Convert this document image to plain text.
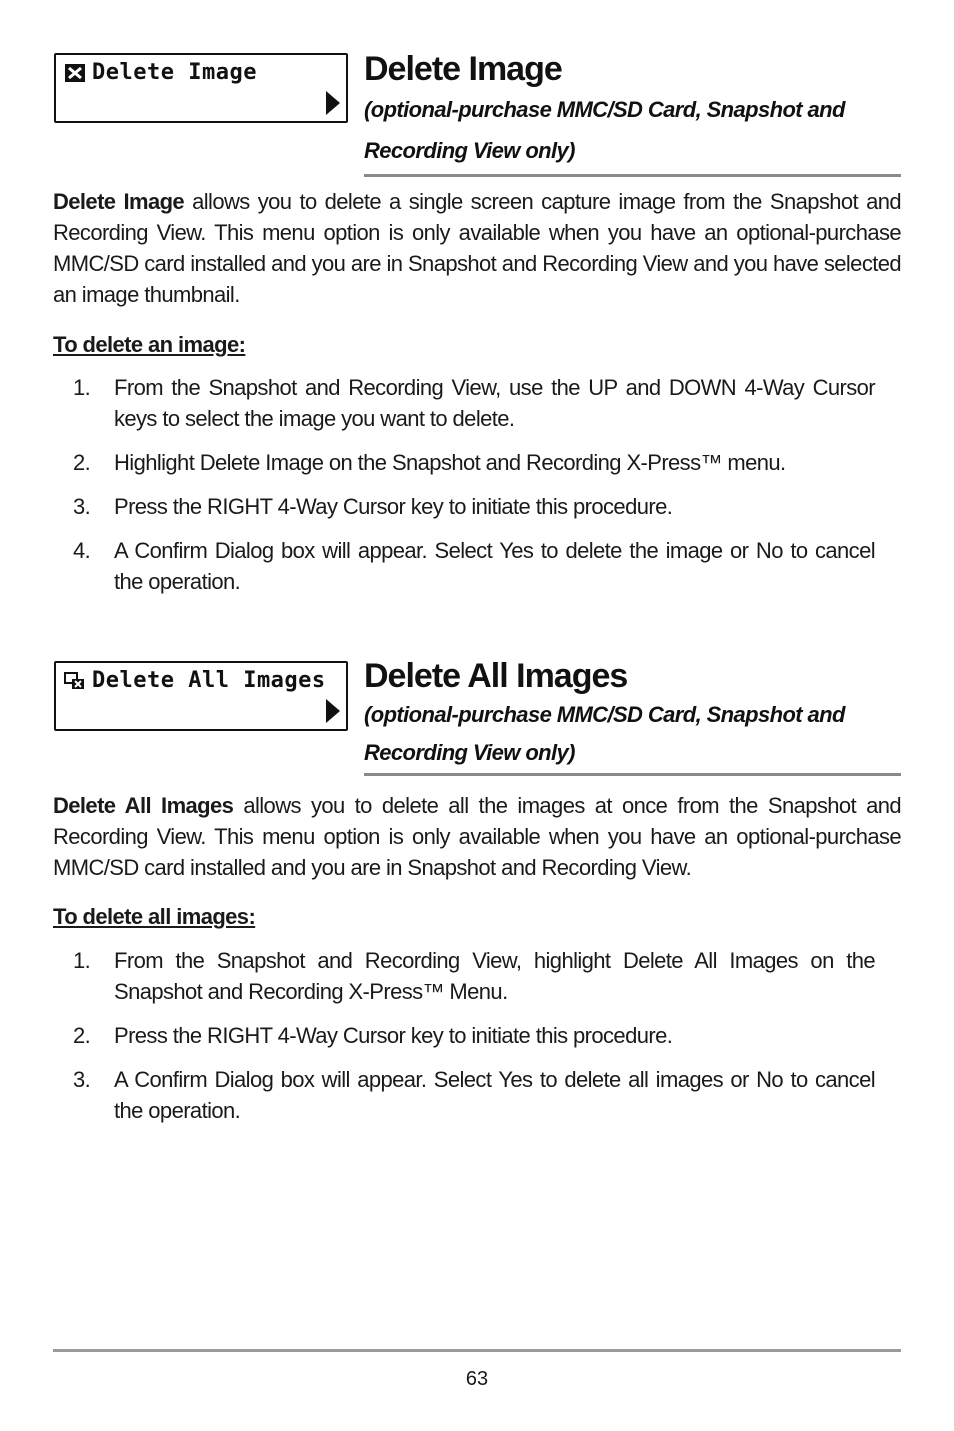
Delete Image	Delete Image
(optional-purchase MMC/SD Card, Snapshot and
Recording View only)
Delete Image allows you to delete a single screen capture image from the Snapshot and Recording View. This menu option is only available when you have an optional-purchase MMC/SD card installed and you are in Snapshot and Recording View and you have selected an image thumbnail.
To delete an image:
1. From the Snapshot and Recording View, use the UP and DOWN 4-Way Cursor keys to select the image you want to delete.
2. Highlight Delete Image on the Snapshot and Recording X-Press™ menu.
3. Press the RIGHT 4-Way Cursor key to initiate this procedure.
4. A Confirm Dialog box will appear. Select Yes to delete the image or No to cancel the operation.
Delete All Images Delete All Images
(optional-purchase MMC/SD Card, Snapshot and
Recording View only)
Delete All Images allows you to delete all the images at once from the Snapshot and Recording View. This menu option is only available when you have an optional-purchase MMC/SD card installed and you are in Snapshot and Recording View.
To delete all images:
1. From the Snapshot and Recording View, highlight Delete All Images on the Snapshot and Recording X-Press™ Menu.
2. Press the RIGHT 4-Way Cursor key to initiate this procedure.
3. A Confirm Dialog box will appear. Select Yes to delete all images or No to cancel the operation.
63
